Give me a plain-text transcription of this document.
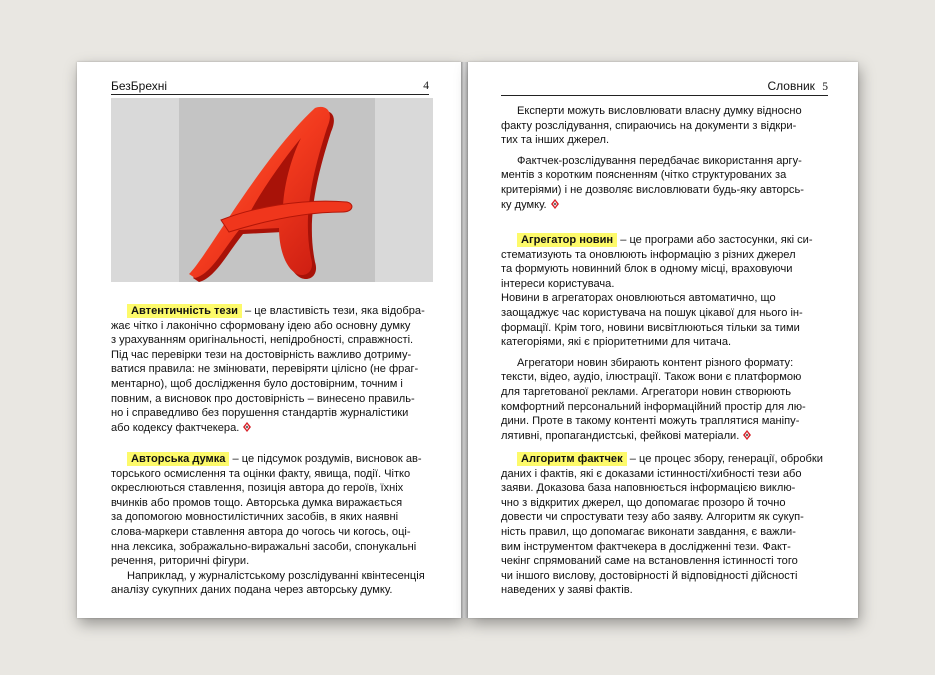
БезБрехні	4

Автентичність тези – це властивість тези, яка відобра-

жає чітко і лаконічно сформовану ідею або основну думку

з урахуванням оригінальності, непідробності, справжності.

Під час перевірки тези на достовірність важливо дотриму-

ватися правила: не змінювати, перевіряти цілісно (не фраг-

ментарно), щоб дослідження було достовірним, точним і

повним, а висновок про достовірність – винесено правиль-

но і справедливо без порушення стандартів журналістики

або кодексу фактчекера.

Авторська думка – це підсумок роздумів, висновок ав-

торського осмислення та оцінки факту, явища, події. Чітко

окреслюються ставлення, позиція автора до героїв, їхніх

вчинків або промов тощо. Авторська думка виражається

за допомогою мовностилістичних засобів, в яких наявні

слова-маркери ставлення автора до чогось чи когось, оці-

нна лексика, зображально-виражальні засоби, спонукальні

речення, риторичні фігури.

Наприклад, у журналістському розслідуванні квінтесенція

аналізу сукупних даних подана через авторську думку.

Словник 5

Експерти можуть висловлювати власну думку відносно

факту розслідування, спираючись на документи з відкри-

тих та інших джерел.

Фактчек-розслідування передбачає використання аргу-

ментів з коротким поясненням (чітко структурованих за

критеріями) і не дозволяє висловлювати будь-яку авторсь-

ку думку.

Агрегатор новин – це програми або застосунки, які си-

стематизують та оновлюють інформацію з різних джерел

та формують новинний блок в одному місці, враховуючи

інтереси користувача.

Новини в агрегаторах оновлюються автоматично, що

заощаджує час користувача на пошук цікавої для нього ін-

формації. Крім того, новини висвітлюються тільки за тими

категоріями, які є пріоритетними для читача.

Агрегатори новин збирають контент різного формату:

тексти, відео, аудіо, ілюстрації. Також вони є платформою

для таргетованої реклами. Агрегатори новин створюють

комфортний персональний інформаційний простір для лю-

дини. Проте в такому контенті можуть траплятися маніпу-

лятивні, пропагандистські, фейкові матеріали.

Алгоритм фактчек – це процес збору, генерації, обробки

даних і фактів, які є доказами істинності/хибності тези або

заяви. Доказова база наповнюється інформацією виклю-

чно з відкритих джерел, що допомагає прозоро й точно

довести чи спростувати тезу або заяву. Алгоритм як сукуп-

ність правил, що допомагає виконати завдання, є важли-

вим інструментом фактчекера в дослідженні тези. Факт-

чекінг спрямований саме на встановлення істинності того

чи іншого вислову, достовірності й відповідності дійсності

наведених у заяві фактів.
